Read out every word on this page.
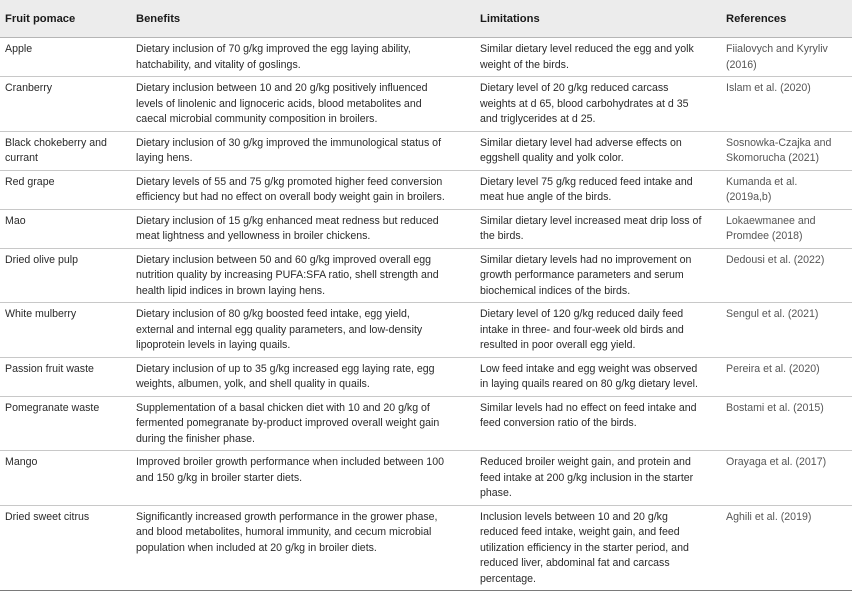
Fruit pomace	Benefits	Limitations	References

Apple	Dietary inclusion of 70 g/kg improved the egg laying ability,
hatchability, and vitality of goslings.	Similar dietary level reduced the egg and yolk
weight of the birds.	Fiialovych and Kyryliv
(2016)

Cranberry	Dietary inclusion between 10 and 20 g/kg positively influenced
levels of linolenic and lignoceric acids, blood metabolites and
caecal microbial community composition in broilers.	Dietary level of 20 g/kg reduced carcass
weights at d 65, blood carbohydrates at d 35
and triglycerides at d 25.	Islam et al. (2020)

Black chokeberry and
currant	Dietary inclusion of 30 g/kg improved the immunological status of
laying hens.	Similar dietary level had adverse effects on
eggshell quality and yolk color.	Sosnowka-Czajka and
Skomorucha (2021)

Red grape	Dietary levels of 55 and 75 g/kg promoted higher feed conversion
efficiency but had no effect on overall body weight gain in broilers.	Dietary level 75 g/kg reduced feed intake and
meat hue angle of the birds.	Kumanda et al.
(2019a,b)

Mao	Dietary inclusion of 15 g/kg enhanced meat redness but reduced
meat lightness and yellowness in broiler chickens.	Similar dietary level increased meat drip loss of
the birds.	Lokaewmanee and
Promdee (2018)

Dried olive pulp	Dietary inclusion between 50 and 60 g/kg improved overall egg
nutrition quality by increasing PUFA:SFA ratio, shell strength and
health lipid indices in brown laying hens.	Similar dietary levels had no improvement on
growth performance parameters and serum
biochemical indices of the birds.	Dedousi et al. (2022)

White mulberry	Dietary inclusion of 80 g/kg boosted feed intake, egg yield,
external and internal egg quality parameters, and low-density
lipoprotein levels in laying quails.	Dietary level of 120 g/kg reduced daily feed
intake in three- and four-week old birds and
resulted in poor overall egg yield.	Sengul et al. (2021)

Passion fruit waste	Dietary inclusion of up to 35 g/kg increased egg laying rate, egg
weights, albumen, yolk, and shell quality in quails.	Low feed intake and egg weight was observed
in laying quails reared on 80 g/kg dietary level.	Pereira et al. (2020)

Pomegranate waste	Supplementation of a basal chicken diet with 10 and 20 g/kg of
fermented pomegranate by-product improved overall weight gain
during the finisher phase.	Similar levels had no effect on feed intake and
feed conversion ratio of the birds.	Bostami et al. (2015)

Mango	Improved broiler growth performance when included between 100
and 150 g/kg in broiler starter diets.	Reduced broiler weight gain, and protein and
feed intake at 200 g/kg inclusion in the starter
phase.	Orayaga et al. (2017)

Dried sweet citrus	Significantly increased growth performance in the grower phase,
and blood metabolites, humoral immunity, and cecum microbial
population when included at 20 g/kg in broiler diets.	Inclusion levels between 10 and 20 g/kg
reduced feed intake, weight gain, and feed
utilization efficiency in the starter period, and
reduced liver, abdominal fat and carcass
percentage.	Aghili et al. (2019)
